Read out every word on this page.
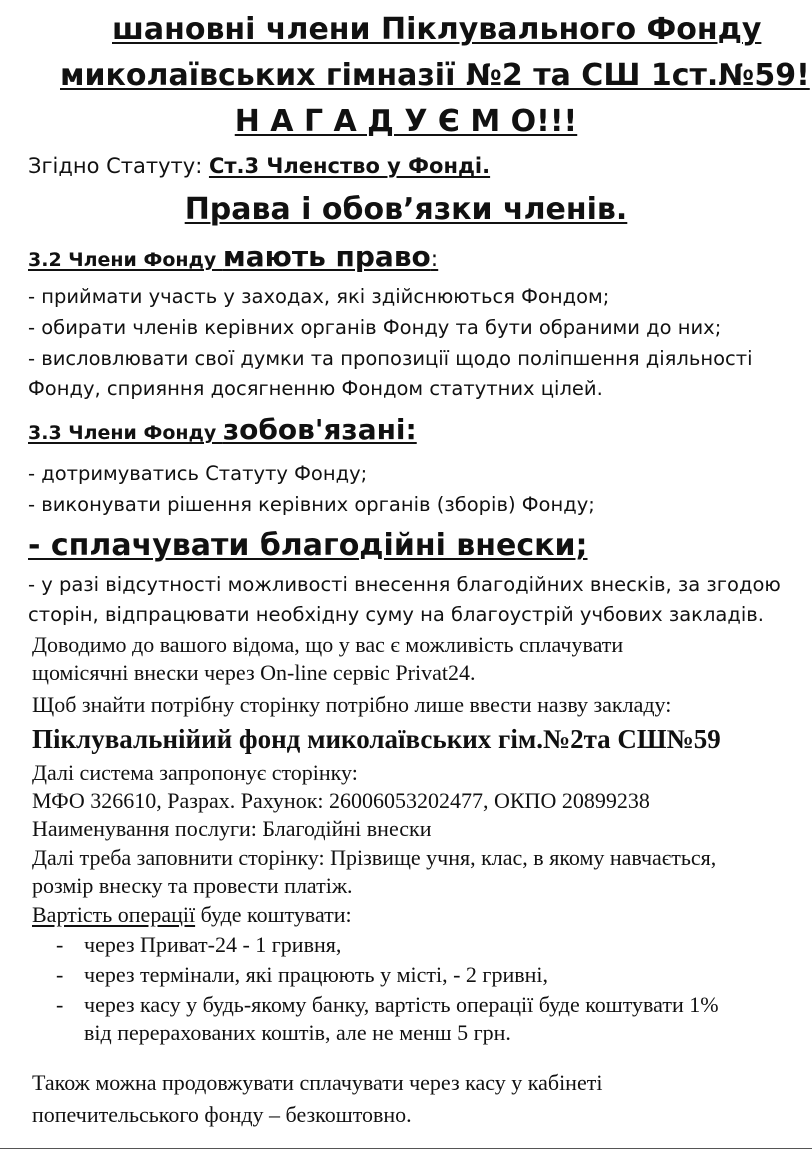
шановні члени Піклувального Фонду
миколаївських гімназії №2 та СШ 1ст.№59!
Н А Г А Д У Є М О!!!
Згідно Статуту: Ст.3 Членство у Фонді.
Права і обов’язки членів.
3.2 Члени Фонду мають право:
- приймати участь у заходах, які здійснюються Фондом;
- обирати членів керівних органів Фонду та бути обраними до них;
- висловлювати свої думки та пропозиції щодо поліпшення діяльності
Фонду, сприяння досягненню Фондом статутних цілей.
3.3 Члени Фонду зобов'язані:
- дотримуватись Статуту Фонду;
- виконувати рішення керівних органів (зборів) Фонду;
- сплачувати благодійні внески;
- у разі відсутності можливості внесення благодійних внесків, за згодою
сторін, відпрацювати необхідну суму на благоустрій учбових закладів.
Доводимо до вашого відома, що у вас є можливість сплачувати
щомісячні внески через On-line сервіс Privat24.
Щоб знайти потрібну сторінку потрібно лише ввести назву закладу:
Піклувальнійий фонд миколаївських гім.№2та СШ№59
Далі система запропонує сторінку:
МФО 326610, Разрах. Рахунок: 26006053202477, ОКПО 20899238
Наименування послуги: Благодійні внески
Далі треба заповнити сторінку: Прізвище учня, клас, в якому навчається,
розмір внеску та провести платіж.
Вартість операції буде коштувати:
- через Приват-24 - 1 гривня,
- через термінали, які працюють у місті, - 2 гривні,
- через касу у будь-якому банку, вартість операції буде коштувати 1%
від перерахованих коштів, але не менш 5 грн.
Також можна продовжувати сплачувати через касу у кабінеті
попечительського фонду – безкоштовно.
